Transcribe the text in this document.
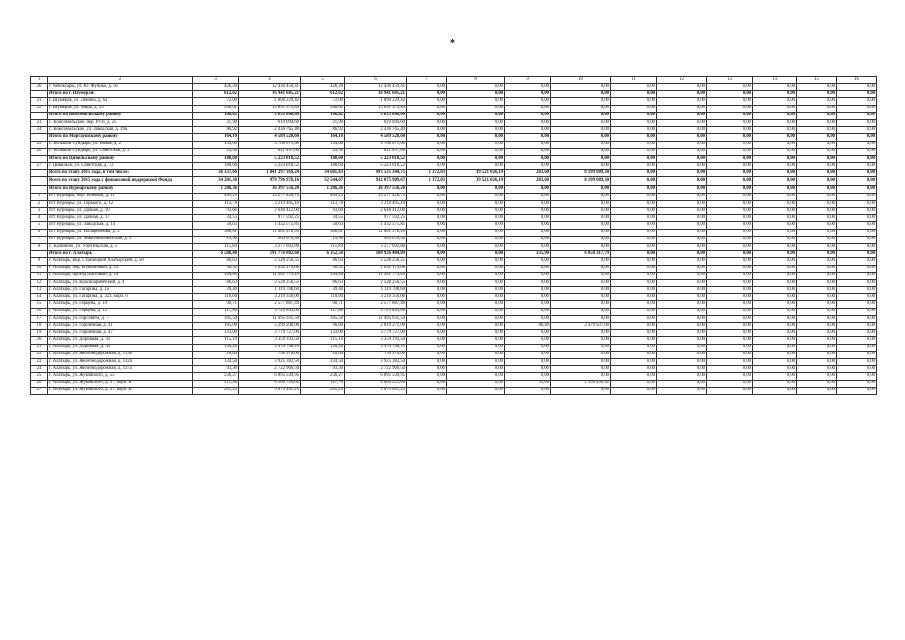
*
1	2	3	4	5	6	7	8	9	10	11	12	13	14	15	16
20	г. Чебоксары, ул. Ю. Фучика, д. 56	426,20	12 436 459,41	426,20	12 436 459,41	0,00	0,00	0,00	0,00	0,00	0,00	0,00	0,00	0,00	0,00
	Итого по г. Шумерля:	612,62	16 941 685,21	612,62	16 941 685,21	0,00	0,00	0,00	0,00	0,00	0,00	0,00	0,00	0,00	0,00
21	г. Шумерля, ул. Ленина, д. 62	72,00	1 890 229,42	72,00	1 890 229,42	0,00	0,00	0,00	0,00	0,00	0,00	0,00	0,00	0,00	0,00
22	г. Шумерля, ул. Мира, д. 35	540,62	15 051 375,89	540,62	15 051 375,89	0,00	0,00	0,00	0,00	0,00	0,00	0,00	0,00	0,00	0,00
	Итого по Комсомольскому району	108,82	3 055 860,00	108,82	3 055 860,00	0,00	0,00	0,00	0,00	0,00	0,00	0,00	0,00	0,00	0,00
23	с. Комсомольское, пер. РТП, д. 25	21,90	619 094,60	21,90	619 094,60	0,00	0,00	0,00	0,00	0,00	0,00	0,00	0,00	0,00	0,00
24	с. Комсомольское, ул. Заводская, д. 39а	86,92	2 436 765,40	86,92	2 436 765,40	0,00	0,00	0,00	0,00	0,00	0,00	0,00	0,00	0,00	0,00
	Итого по Моргаушскому району	164,10	4 589 528,60	164,10	4 589 528,60	0,00	0,00	0,00	0,00	0,00	0,00	0,00	0,00	0,00	0,00
25	с. Большой Сундырь, ул. Новая, д. 2	134,60	3 768 071,60	134,60	3 768 071,60	0,00	0,00	0,00	0,00	0,00	0,00	0,00	0,00	0,00	0,00
26	с. Большой Сундырь, ул. Советская, д. 3	29,50	821 457,00	29,50	821 457,00	0,00	0,00	0,00	0,00	0,00	0,00	0,00	0,00	0,00	0,00
	Итого по Цивильскому району	188,60	5 223 018,52	188,60	5 223 018,52	0,00	0,00	0,00	0,00	0,00	0,00	0,00	0,00	0,00	0,00
27	г. Цивильск, ул. Советская, д. 72	188,60	5 223 018,52	188,60	5 223 018,52	0,00	0,00	0,00	0,00	0,00	0,00	0,00	0,00	0,00	0,00
	Всего по этапу 2015 года, в том числе:	36 337,66	1 041 297 369,24	34 681,83	993 535 344,75	1 372,03	39 521 026,19	283,60	8 199 989,30	0,00	0,00	0,00	0,00	0,00	0,00
	Всего по этапу 2015 года с финансовой поддержкой Фонда	34 201,30	979 796 978,16	32 544,67	932 075 989,67	1 372,03	39 521 026,19	283,60	8 199 989,30	0,00	0,00	0,00	0,00	0,00	0,00
	Итого по Вурнарскому району	1 286,36	36 397 556,20	1 286,36	36 397 556,20	0,00	0,00	0,00	0,00	0,00	0,00	0,00	0,00	0,00	0,00
1	пгт Вурнары, пер. Зеленый, д. 11	469,25	13 277 428,75	469,25	13 277 428,75	0,00	0,00	0,00	0,00	0,00	0,00	0,00	0,00	0,00	0,00
2	пгт Вурнары, ул. Горького, д. 12	113,78	3 219 405,10	113,78	3 219 405,10	0,00	0,00	0,00	0,00	0,00	0,00	0,00	0,00	0,00	0,00
3	пгт Вурнары, ул. Дачная, д. 10	93,60	2 648 412,00	93,60	2 648 412,00	0,00	0,00	0,00	0,00	0,00	0,00	0,00	0,00	0,00	0,00
4	пгт Вурнары, ул. Дачная, д. 17	34,55	977 592,25	34,55	977 592,25	0,00	0,00	0,00	0,00	0,00	0,00	0,00	0,00	0,00	0,00
5	пгт Вурнары, ул. Заводская, д. 14	50,63	1 432 575,85	50,63	1 432 575,85	0,00	0,00	0,00	0,00	0,00	0,00	0,00	0,00	0,00	0,00
6	пгт Вурнары, ул. Илларионова, д. 3	388,81	11 001 378,95	388,81	11 001 378,95	0,00	0,00	0,00	0,00	0,00	0,00	0,00	0,00	0,00	0,00
7	пгт Вурнары, ул. Максимобинатская, д. 5	19,90	563 070,50	19,90	563 070,50	0,00	0,00	0,00	0,00	0,00	0,00	0,00	0,00	0,00	0,00
8	с. Калинино, ул. Учительская, д. 5	115,84	3 277 692,80	115,84	3 277 692,80	0,00	0,00	0,00	0,00	0,00	0,00	0,00	0,00	0,00	0,00
	Итого по г. Алатырь	6 588,40	191 776 802,68	6 352,50	184 926 484,89	0,00	0,00	235,90	6 850 317,79	0,00	0,00	0,00	0,00	0,00	0,00
9	г. Алатырь, мкр. Стрелецкий Алатырский, д. 50	86,63	2 528 256,55	86,63	2 528 256,55	0,00	0,00	0,00	0,00	0,00	0,00	0,00	0,00	0,00	0,00
10	г. Алатырь, пер. Больничный, д. 15	36,32	1 032 179,08	36,32	1 032 179,08	0,00	0,00	0,00	0,00	0,00	0,00	0,00	0,00	0,00	0,00
11	г. Алатырь, проезд Шитовый, д. 1а	394,84	11 581 775,49	394,84	11 581 775,49	0,00	0,00	0,00	0,00	0,00	0,00	0,00	0,00	0,00	0,00
12	г. Алатырь, ул. Красноармейский, д. 4	86,63	2 528 256,55	86,63	2 528 256,55	0,00	0,00	0,00	0,00	0,00	0,00	0,00	0,00	0,00	0,00
13	г. Алатырь, ул. Гагарина, д. 1а	39,40	1 119 708,60	39,40	1 119 708,60	0,00	0,00	0,00	0,00	0,00	0,00	0,00	0,00	0,00	0,00
14	г. Алатырь, ул. Гагарина, д. 323, корп. 6	110,00	3 210 350,00	110,00	3 210 350,00	0,00	0,00	0,00	0,00	0,00	0,00	0,00	0,00	0,00	0,00
15	г. Алатырь, ул. Герцена, д. 10	90,71	2 577 887,49	90,71	2 577 887,49	0,00	0,00	0,00	0,00	0,00	0,00	0,00	0,00	0,00	0,00
16	г. Алатырь, ул. Герцена, д. 12	127,80	3 729 843,00	127,80	3 729 843,00	0,00	0,00	0,00	0,00	0,00	0,00	0,00	0,00	0,00	0,00
17	г. Алатырь, ул. Горсовета, д. 7	395,50	11 495 931,50	395,50	11 495 931,50	0,00	0,00	0,00	0,00	0,00	0,00	0,00	0,00	0,00	0,00
18	г. Алатырь, ул. Горшечная, д. 41	185,00	5 299 208,00	96,60	2 819 271,00	0,00	0,00	88,40	2 479 937,00	0,00	0,00	0,00	0,00	0,00	0,00
19	г. Алатырь, ул. Горшечная, д. 47	133,00	3 779 727,00	133,00	3 779 727,00	0,00	0,00	0,00	0,00	0,00	0,00	0,00	0,00	0,00	0,00
20	г. Алатырь, ул. Доровная, д. 41	115,10	3 359 193,50	115,10	3 359 193,50	0,00	0,00	0,00	0,00	0,00	0,00	0,00	0,00	0,00	0,00
21	г. Алатырь, ул. Доровная, д. 43	136,26	3 976 748,10	136,26	3 976 748,10	0,00	0,00	0,00	0,00	0,00	0,00	0,00	0,00	0,00	0,00
22	г. Алатырь, ул. Железнодорожная, д. 119а	26,64	756 976,00	26,64	756 976,00	0,00	0,00	0,00	0,00	0,00	0,00	0,00	0,00	0,00	0,00
23	г. Алатырь, ул. Железнодорожная, д. 132а	134,50	3 925 382,50	134,50	3 925 382,50	0,00	0,00	0,00	0,00	0,00	0,00	0,00	0,00	0,00	0,00
24	г. Алатырь, ул. Железнодорожная, д. 137а	93,30	2 722 960,50	93,30	2 722 960,50	0,00	0,00	0,00	0,00	0,00	0,00	0,00	0,00	0,00	0,00
25	г. Алатырь, ул. Жуковского, д. 55	236,27	6 895 539,95	236,27	6 895 539,95	0,00	0,00	0,00	0,00	0,00	0,00	0,00	0,00	0,00	0,00
26	г. Алатырь, ул. Жуковского, д. 57, корп. Б	211,36	6 160 720,02	157,76	4 604 223,60	0,00	0,00	53,60	1 550 496,42	0,00	0,00	0,00	0,00	0,00	0,00
27	г. Алатырь, ул. Жуковского, д. 57, корп. В	201,25	5 873 481,25	201,25	5 873 481,25	0,00	0,00	0,00	0,00	0,00	0,00	0,00	0,00	0,00	0,00
